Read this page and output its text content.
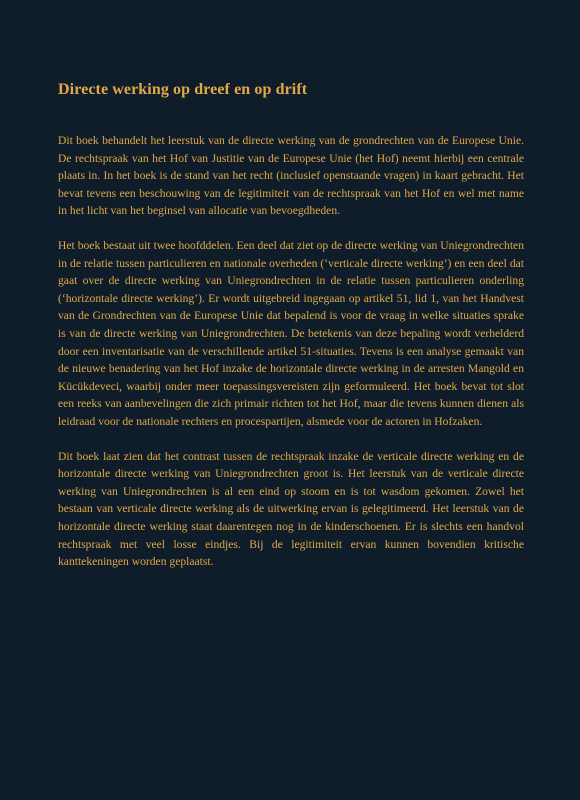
Directe werking op dreef en op drift

Dit boek behandelt het leerstuk van de directe werking van de grondrechten van de Europese Unie. De rechtspraak van het Hof van Justitie van de Europese Unie (het Hof) neemt hierbij een centrale plaats in. In het boek is de stand van het recht (inclusief openstaande vragen) in kaart gebracht. Het bevat tevens een beschouwing van de legitimiteit van de rechtspraak van het Hof en wel met name in het licht van het beginsel van allocatie van bevoegdheden.

Het boek bestaat uit twee hoofddelen. Een deel dat ziet op de directe werking van Uniegrondrechten in de relatie tussen particulieren en nationale overheden (‘verticale directe werking’) en een deel dat gaat over de directe werking van Uniegrondrechten in de relatie tussen particulieren onderling (‘horizontale directe werking’). Er wordt uitgebreid ingegaan op artikel 51, lid 1, van het Handvest van de Grondrechten van de Europese Unie dat bepalend is voor de vraag in welke situaties sprake is van de directe werking van Uniegrondrechten. De betekenis van deze bepaling wordt verhelderd door een inventarisatie van de verschillende artikel 51-situaties. Tevens is een analyse gemaakt van de nieuwe benadering van het Hof inzake de horizontale directe werking in de arresten Mangold en Kücükdeveci, waarbij onder meer toepassingsvereisten zijn geformuleerd. Het boek bevat tot slot een reeks van aanbevelingen die zich primair richten tot het Hof, maar die tevens kunnen dienen als leidraad voor de nationale rechters en procespartijen, alsmede voor de actoren in Hofzaken.

Dit boek laat zien dat het contrast tussen de rechtspraak inzake de verticale directe werking en de horizontale directe werking van Uniegrondrechten groot is. Het leerstuk van de verticale directe werking van Uniegrondrechten is al een eind op stoom en is tot wasdom gekomen. Zowel het bestaan van verticale directe werking als de uitwerking ervan is gelegitimeerd. Het leerstuk van de horizontale directe werking staat daarentegen nog in de kinderschoenen. Er is slechts een handvol rechtspraak met veel losse eindjes. Bij de legitimiteit ervan kunnen bovendien kritische kanttekeningen worden geplaatst.
